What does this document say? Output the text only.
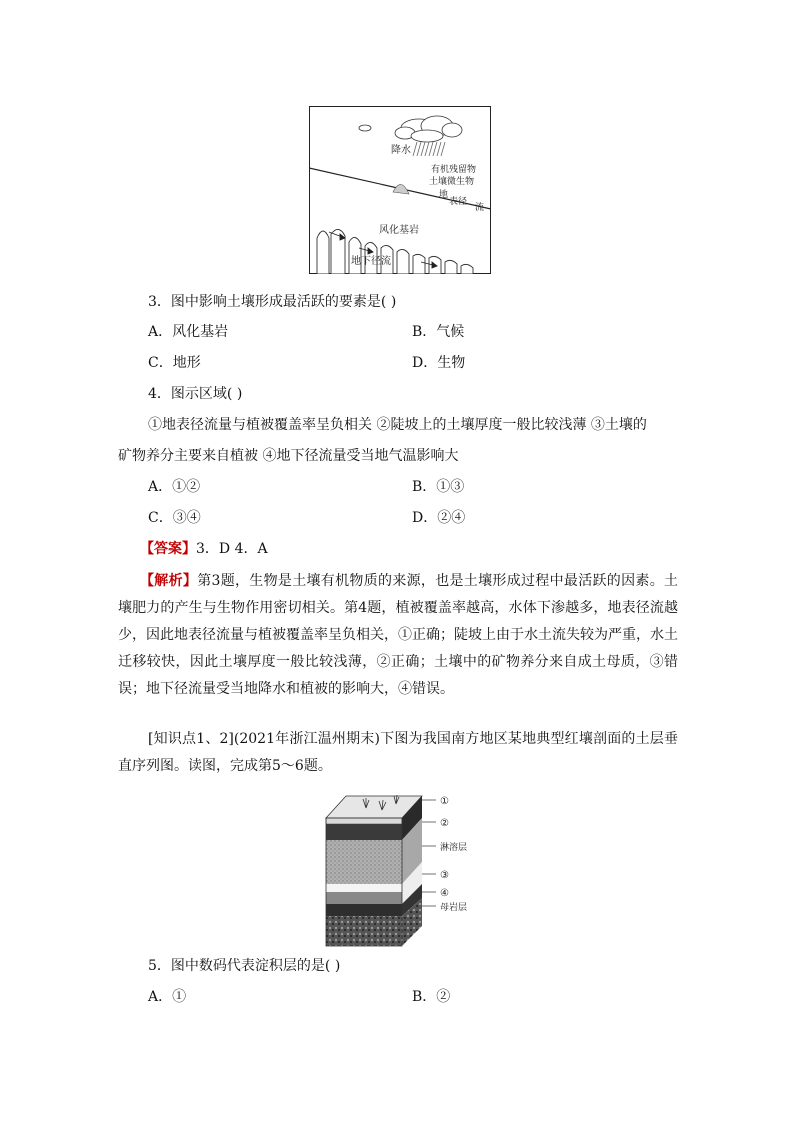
降水
有机残留物
土壤微生物
地
表径
流
风化基岩
地下径流
3．图中影响土壤形成最活跃的要素是( )
A．风化基岩	B．气候
C．地形	D．生物
4．图示区域( )
①地表径流量与植被覆盖率呈负相关 ②陡坡上的土壤厚度一般比较浅薄 ③土壤的
矿物养分主要来自植被 ④地下径流量受当地气温影响大
A．①②	B．①③
C．③④	D．②④
【答案】3．D 4．A
【解析】第3题，生物是土壤有机物质的来源，也是土壤形成过程中最活跃的因素。土壤肥力的产生与生物作用密切相关。第4题，植被覆盖率越高，水体下渗越多，地表径流越少，因此地表径流量与植被覆盖率呈负相关，①正确；陡坡上由于水土流失较为严重，水土迁移较快，因此土壤厚度一般比较浅薄，②正确；土壤中的矿物养分来自成土母质，③错误；地下径流量受当地降水和植被的影响大，④错误。
[知识点1、2](2021年浙江温州期末)下图为我国南方地区某地典型红壤剖面的土层垂直序列图。读图，完成第5～6题。
①
②
淋溶层
③
④
母岩层
5．图中数码代表淀积层的是( )
A．①	B．②
